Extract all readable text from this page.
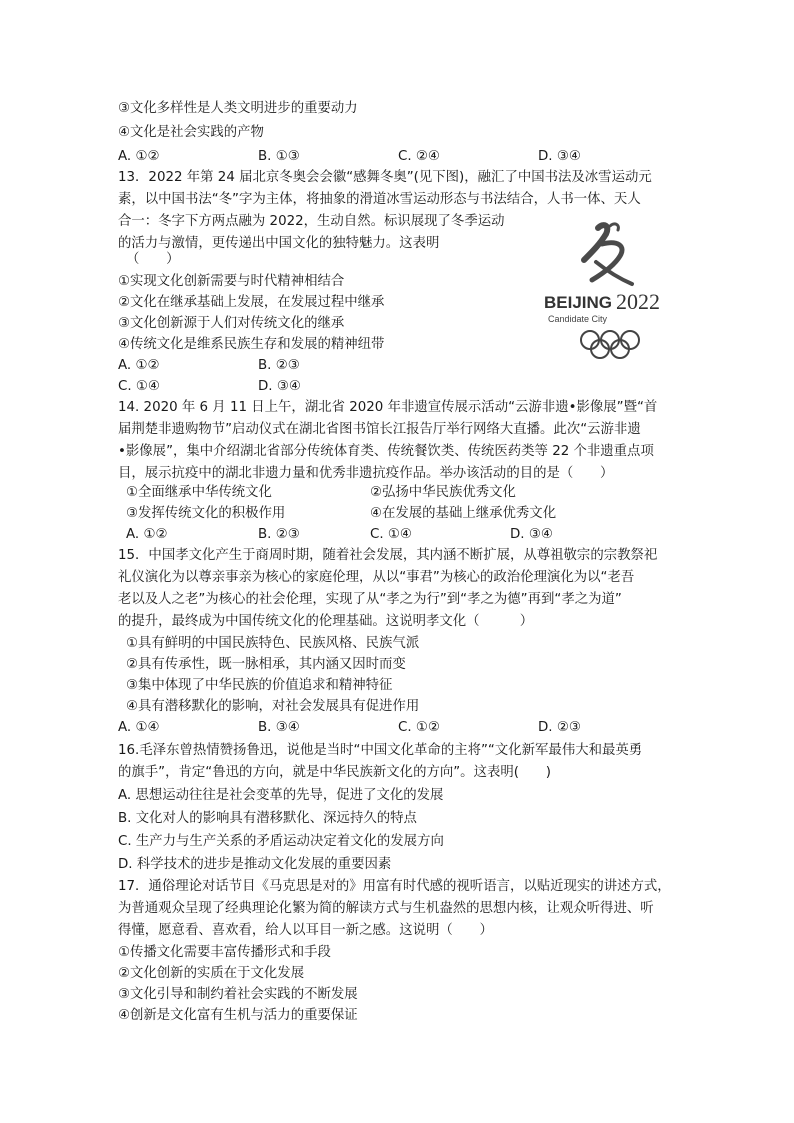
③文化多样性是人类文明进步的重要动力
④文化是社会实践的产物
A. ①②	B. ①③	C. ②④	D. ③④
13．2022 年第 24 届北京冬奥会会徽“感舞冬奥”(见下图)，融汇了中国书法及冰雪运动元
素，以中国书法“冬”字为主体，将抽象的滑道冰雪运动形态与书法结合，人书一体、天人
合一：冬字下方两点融为 2022，生动自然。标识展现了冬季运动
的活力与激情，更传递出中国文化的独特魅力。这表明
（　　）
①实现文化创新需要与时代精神相结合
②文化在继承基础上发展，在发展过程中继承
③文化创新源于人们对传统文化的继承
④传统文化是维系民族生存和发展的精神纽带
A. ①②	B. ②③
C. ①④	D. ③④
BEIJING 2022
Candidate City
14. 2020 年 6 月 11 日上午，湖北省 2020 年非遗宣传展示活动“云游非遗•影像展”暨“首
届荆楚非遗购物节”启动仪式在湖北省图书馆长江报告厅举行网络大直播。此次“云游非遗
•影像展”，集中介绍湖北省部分传统体育类、传统餐饮类、传统医药类等 22 个非遗重点项
目，展示抗疫中的湖北非遗力量和优秀非遗抗疫作品。举办该活动的目的是（　　）
①全面继承中华传统文化	②弘扬中华民族优秀文化
③发挥传统文化的积极作用	④在发展的基础上继承优秀文化
A. ①②	B. ②③	C. ①④	D. ③④
15．中国孝文化产生于商周时期，随着社会发展，其内涵不断扩展，从尊祖敬宗的宗教祭祀
礼仪演化为以尊亲事亲为核心的家庭伦理，从以“事君”为核心的政治伦理演化为以“老吾
老以及人之老”为核心的社会伦理，实现了从“孝之为行”到“孝之为德”再到“孝之为道”
的提升，最终成为中国传统文化的伦理基础。这说明孝文化（　　　）
①具有鲜明的中国民族特色、民族风格、民族气派
②具有传承性，既一脉相承，其内涵又因时而变
③集中体现了中华民族的价值追求和精神特征
④具有潜移默化的影响，对社会发展具有促进作用
A. ①④	B. ③④	C. ①②	D. ②③
16.毛泽东曾热情赞扬鲁迅，说他是当时“中国文化革命的主将”“文化新军最伟大和最英勇
的旗手”，肯定“鲁迅的方向，就是中华民族新文化的方向”。这表明(　　)
A. 思想运动往往是社会变革的先导，促进了文化的发展
B. 文化对人的影响具有潜移默化、深远持久的特点
C. 生产力与生产关系的矛盾运动决定着文化的发展方向
D. 科学技术的进步是推动文化发展的重要因素
17．通俗理论对话节目《马克思是对的》用富有时代感的视听语言，以贴近现实的讲述方式，
为普通观众呈现了经典理论化繁为简的解读方式与生机盎然的思想内核，让观众听得进、听
得懂，愿意看、喜欢看，给人以耳目一新之感。这说明（　　）
①传播文化需要丰富传播形式和手段
②文化创新的实质在于文化发展
③文化引导和制约着社会实践的不断发展
④创新是文化富有生机与活力的重要保证
